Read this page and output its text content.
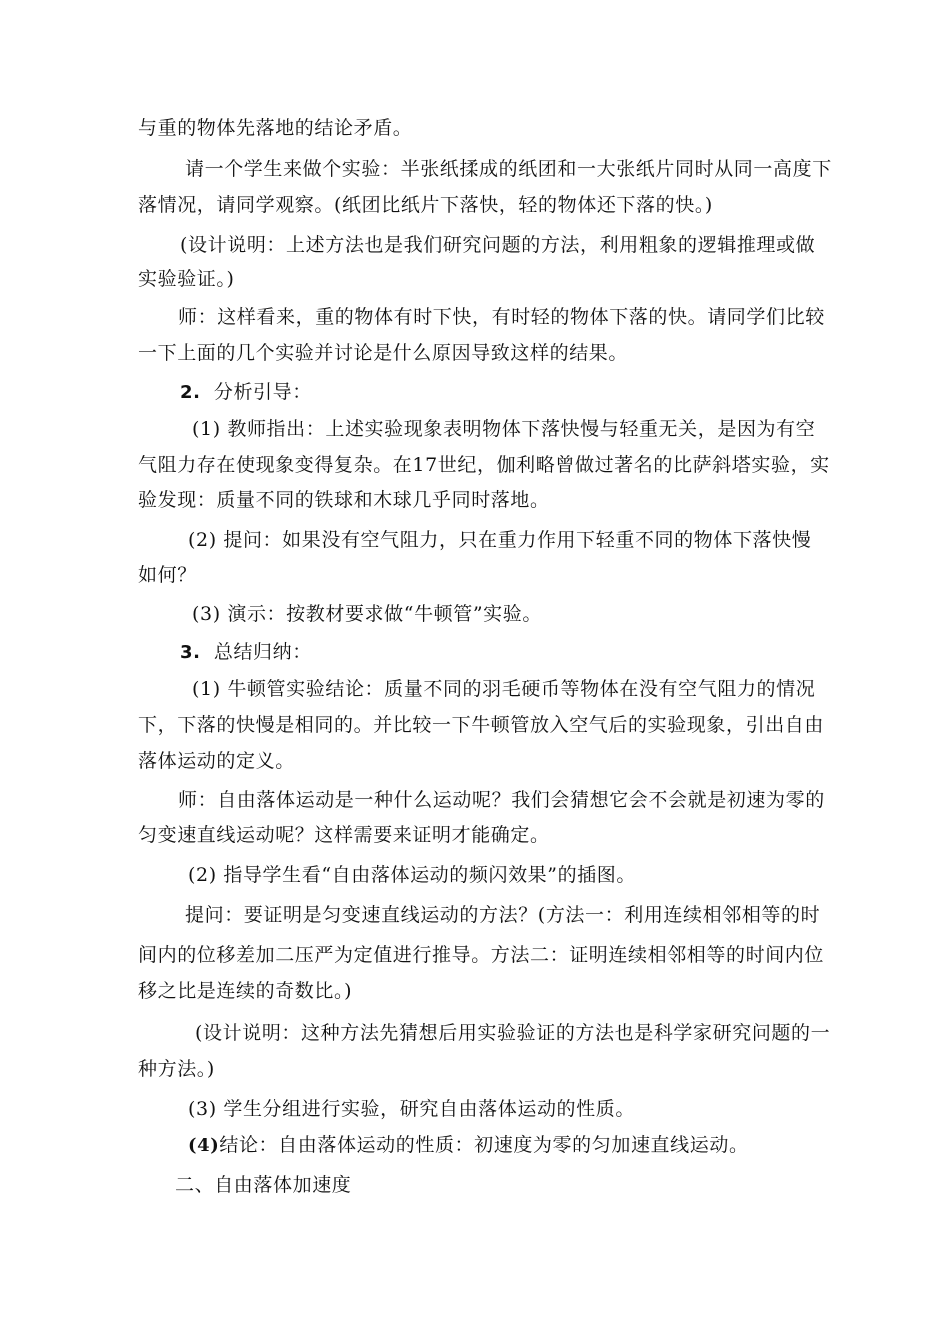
与重的物体先落地的结论矛盾。
请一个学生来做个实验：半张纸揉成的纸团和一大张纸片同时从同一高度下
落情况，请同学观察。(纸团比纸片下落快，轻的物体还下落的快。)
(设计说明：上述方法也是我们研究问题的方法，利用粗象的逻辑推理或做
实验验证。)
师：这样看来，重的物体有时下快，有时轻的物体下落的快。请同学们比较
一下上面的几个实验并讨论是什么原因导致这样的结果。
2. 分析引导：
(1) 教师指出：上述实验现象表明物体下落快慢与轻重无关，是因为有空
气阻力存在使现象变得复杂。在17世纪，伽利略曾做过著名的比萨斜塔实验，实
验发现：质量不同的铁球和木球几乎同时落地。
(2) 提问：如果没有空气阻力，只在重力作用下轻重不同的物体下落快慢
如何？
(3) 演示：按教材要求做“牛顿管”实验。
3. 总结归纳：
(1) 牛顿管实验结论：质量不同的羽毛硬币等物体在没有空气阻力的情况
下，下落的快慢是相同的。并比较一下牛顿管放入空气后的实验现象，引出自由
落体运动的定义。
师：自由落体运动是一种什么运动呢？我们会猜想它会不会就是初速为零的
匀变速直线运动呢？这样需要来证明才能确定。
(2) 指导学生看“自由落体运动的频闪效果”的插图。
提问：要证明是匀变速直线运动的方法？(方法一：利用连续相邻相等的时
间内的位移差加二压严为定值进行推导。方法二：证明连续相邻相等的时间内位
移之比是连续的奇数比。)
(设计说明：这种方法先猜想后用实验验证的方法也是科学家研究问题的一
种方法。)
(3) 学生分组进行实验，研究自由落体运动的性质。
(4)结论：自由落体运动的性质：初速度为零的匀加速直线运动。
二、自由落体加速度
